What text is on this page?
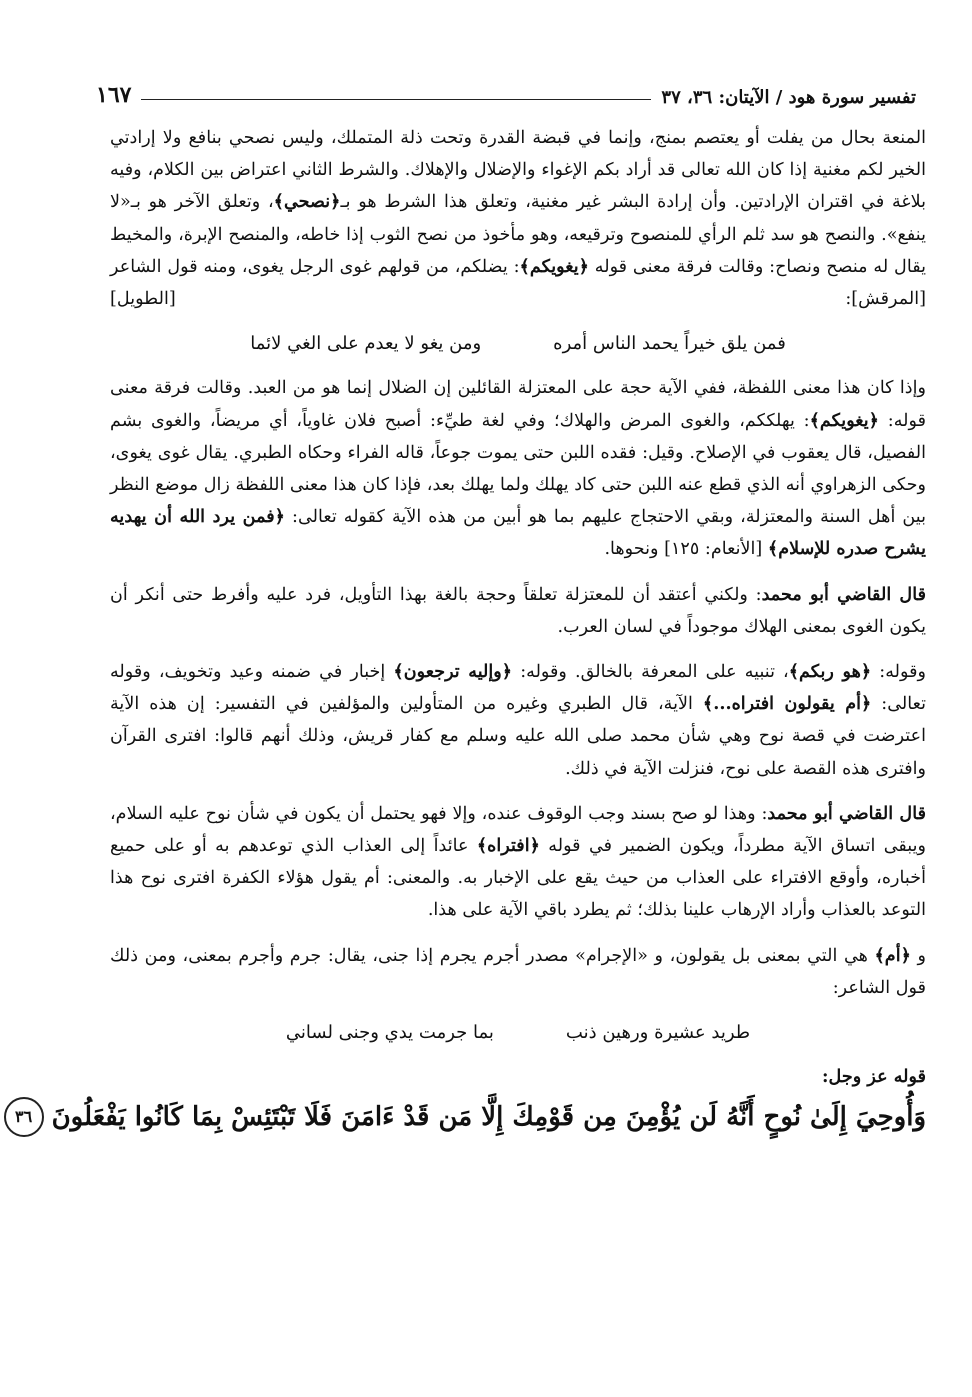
تفسير سورة هود / الآيتان: ٣٦، ٣٧
١٦٧

المنعة بحال من يفلت أو يعتصم بمنج، وإنما في قبضة القدرة وتحت ذلة المتملك، وليس نصحي بنافع ولا إرادتي الخير لكم مغنية إذا كان الله تعالى قد أراد بكم الإغواء والإضلال والإهلاك. والشرط الثاني اعتراض بين الكلام، وفيه بلاغة في اقتران الإرادتين. وأن إرادة البشر غير مغنية، وتعلق هذا الشرط هو بـ﴿نصحي﴾، وتعلق الآخر هو بـ«لا ينفع». والنصح هو سد ثلم الرأي للمنصوح وترقيعه، وهو مأخوذ من نصح الثوب إذا خاطه، والمنصح الإبرة، والمخيط يقال له منصح ونصاح: وقالت فرقة معنى قوله ﴿يغويكم﴾: يضلكم، من قولهم غوى الرجل يغوى، ومنه قول الشاعر [المرقش]:
[الطويل]

فمن يلق خيراً يحمد الناس أمره
ومن يغو لا يعدم على الغي لائما

وإذا كان هذا معنى اللفظة، ففي الآية حجة على المعتزلة القائلين إن الضلال إنما هو من العبد. وقالت فرقة معنى قوله: ﴿يغويكم﴾: يهلككم، والغوى المرض والهلاك؛ وفي لغة طيِّء: أصبح فلان غاوياً، أي مريضاً، والغوى بشم الفصيل، قال يعقوب في الإصلاح. وقيل: فقده اللبن حتى يموت جوعاً، قاله الفراء وحكاه الطبري. يقال غوى يغوى، وحكى الزهراوي أنه الذي قطع عنه اللبن حتى كاد يهلك ولما يهلك بعد، فإذا كان هذا معنى اللفظة زال موضع النظر بين أهل السنة والمعتزلة، وبقي الاحتجاج عليهم بما هو أبين من هذه الآية كقوله تعالى: ﴿فمن يرد الله أن يهديه يشرح صدره للإسلام﴾ [الأنعام: ١٢٥] ونحوها.

قال القاضي أبو محمد: ولكني أعتقد أن للمعتزلة تعلقاً وحجة بالغة بهذا التأويل، فرد عليه وأفرط حتى أنكر أن يكون الغوى بمعنى الهلاك موجوداً في لسان العرب.

وقوله: ﴿هو ربكم﴾، تنبيه على المعرفة بالخالق. وقوله: ﴿وإليه ترجعون﴾ إخبار في ضمنه وعيد وتخويف، وقوله تعالى: ﴿أم يقولون افتراه...﴾ الآية، قال الطبري وغيره من المتأولين والمؤلفين في التفسير: إن هذه الآية اعترضت في قصة نوح وهي شأن محمد صلى الله عليه وسلم مع كفار قريش، وذلك أنهم قالوا: افترى القرآن وافترى هذه القصة على نوح، فنزلت الآية في ذلك.

قال القاضي أبو محمد: وهذا لو صح بسند وجب الوقوف عنده، وإلا فهو يحتمل أن يكون في شأن نوح عليه السلام، ويبقى اتساق الآية مطرداً، ويكون الضمير في قوله ﴿افتراه﴾ عائداً إلى العذاب الذي توعدهم به أو على حميع أخباره، وأوقع الافتراء على العذاب من حيث يقع على الإخبار به. والمعنى: أم يقول هؤلاء الكفرة افترى نوح هذا التوعد بالعذاب وأراد الإرهاب علينا بذلك؛ ثم يطرد باقي الآية على هذا.

و ﴿أم﴾ هي التي بمعنى بل يقولون، و «الإجرام» مصدر أجرم يجرم إذا جنى، يقال: جرم وأجرم بمعنى، ومن ذلك قول الشاعر:

طريد عشيرة ورهين ذنب
بما جرمت يدي وجنى لساني
قوله عز وجل:
وَأُوحِيَ إِلَىٰ نُوحٍ أَنَّهُ لَن يُؤْمِنَ مِن قَوْمِكَ إِلَّا مَن قَدْ ءَامَنَ فَلَا تَبْتَئِسْ بِمَا كَانُوا يَفْعَلُونَ
٣٦
